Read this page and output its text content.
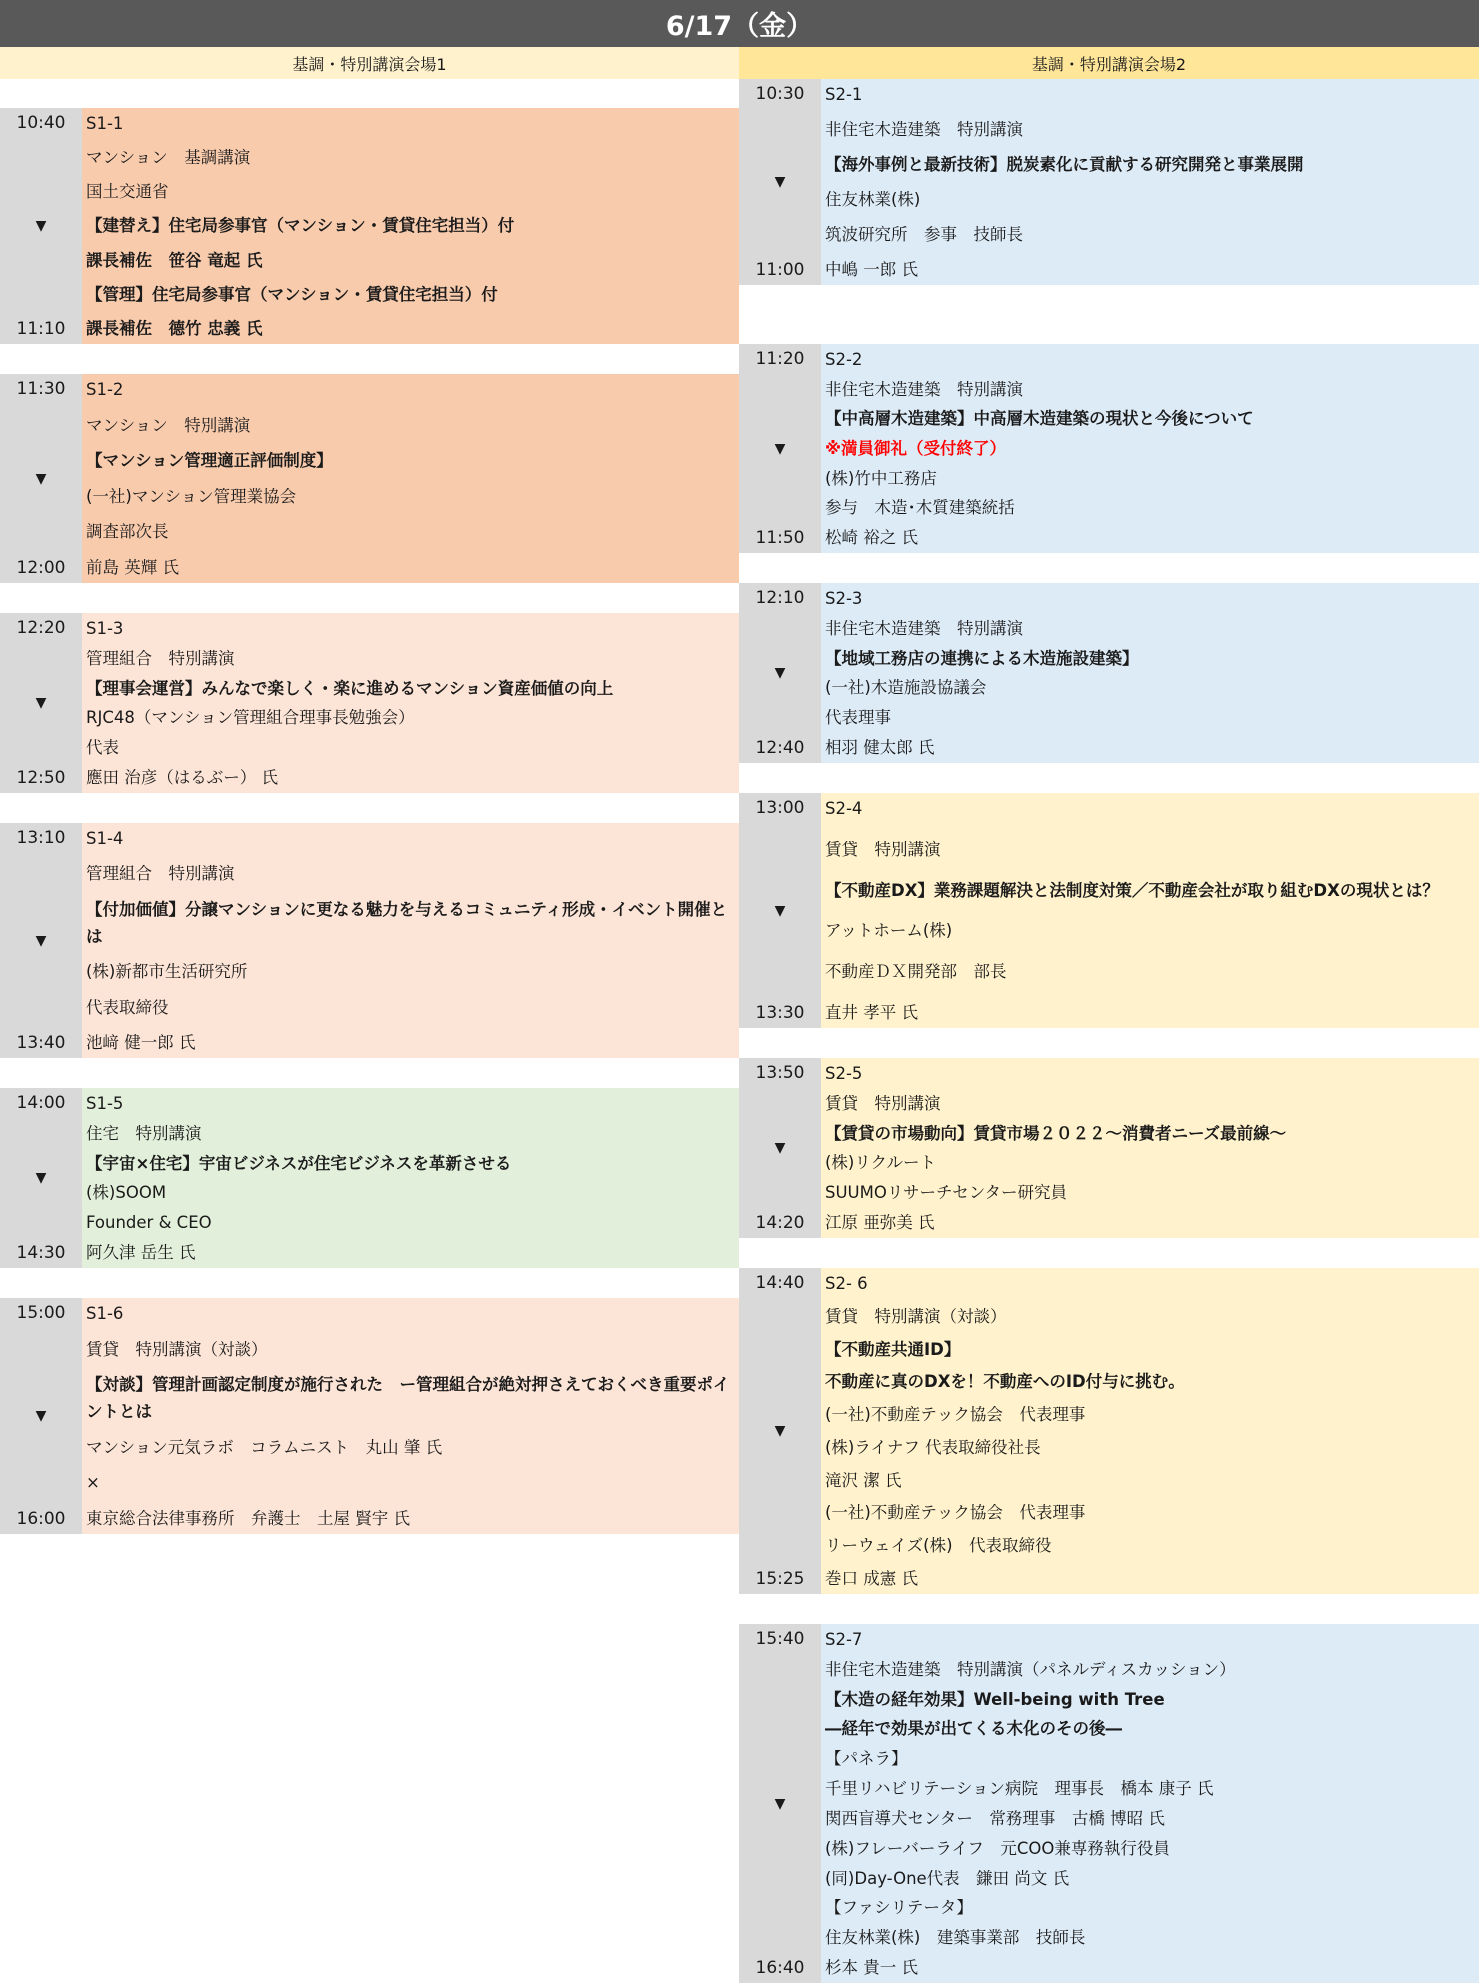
6/17（金）
基調・特別講演会場1	基調・特別講演会場2
10:40
▼
11:10
S1-1
マンション　基調講演
国土交通省
【建替え】住宅局参事官（マンション・賃貸住宅担当）付
課長補佐　笹谷 竜起 氏
【管理】住宅局参事官（マンション・賃貸住宅担当）付
課長補佐　德竹 忠義 氏
11:30
▼
12:00
S1-2
マンション　特別講演
【マンション管理適正評価制度】
(一社)マンション管理業協会
調査部次長
前島 英輝 氏
12:20
▼
12:50
S1-3
管理組合　特別講演
【理事会運営】みんなで楽しく・楽に進めるマンション資産価値の向上
RJC48（マンション管理組合理事長勉強会）
代表
應田 治彦（はるぶー） 氏
13:10
▼
13:40
S1-4
管理組合　特別講演
【付加価値】分譲マンションに更なる魅力を与えるコミュニティ形成・イベント開催とは
(株)新都市生活研究所
代表取締役
池﨑 健一郎 氏
14:00
▼
14:30
S1-5
住宅　特別講演
【宇宙×住宅】宇宙ビジネスが住宅ビジネスを革新させる
(株)SOOM
Founder & CEO
阿久津 岳生 氏
15:00
▼
16:00
S1-6
賃貸　特別講演（対談）
【対談】管理計画認定制度が施行された　ー管理組合が絶対押さえておくべき重要ポイントとは
マンション元気ラボ　コラムニスト　丸山 肇 氏
×
東京総合法律事務所　弁護士　土屋 賢宇 氏
10:30
▼
11:00
S2-1
非住宅木造建築　特別講演
【海外事例と最新技術】脱炭素化に貢献する研究開発と事業展開
住友林業(株)
筑波研究所　参事　技師長
中嶋 一郎 氏
11:20
▼
11:50
S2-2
非住宅木造建築　特別講演
【中高層木造建築】中高層木造建築の現状と今後について
※満員御礼（受付終了）
(株)竹中工務店
参与　木造･木質建築統括
松崎 裕之 氏
12:10
▼
12:40
S2-3
非住宅木造建築　特別講演
【地域工務店の連携による木造施設建築】
(一社)木造施設協議会
代表理事
相羽 健太郎 氏
13:00
▼
13:30
S2-4
賃貸　特別講演
【不動産DX】業務課題解決と法制度対策／不動産会社が取り組むDXの現状とは？
アットホーム(株)
不動産ＤＸ開発部　部長
直井 孝平 氏
13:50
▼
14:20
S2-5
賃貸　特別講演
【賃貸の市場動向】賃貸市場２０２２～消費者ニーズ最前線～
(株)リクルート
SUUMOリサーチセンター研究員
江原 亜弥美 氏
14:40
▼
15:25
S2- 6
賃貸　特別講演（対談）
【不動産共通ID】
不動産に真のDXを！不動産へのID付与に挑む。
(一社)不動産テック協会　代表理事
(株)ライナフ 代表取締役社長
滝沢 潔 氏
(一社)不動産テック協会　代表理事
リーウェイズ(株)　代表取締役
巻口 成憲 氏
15:40
▼
16:40
S2-7
非住宅木造建築　特別講演（パネルディスカッション）
【木造の経年効果】Well-being with Tree
―経年で効果が出てくる木化のその後―
【パネラ】
千里リハビリテーション病院　理事長　橋本 康子 氏
関西盲導犬センター　常務理事　古橋 博昭 氏
(株)フレーバーライフ　元COO兼専務執行役員
(同)Day-One代表　鎌田 尚文 氏
【ファシリテータ】
住友林業(株)　建築事業部　技師長
杉本 貴一 氏
